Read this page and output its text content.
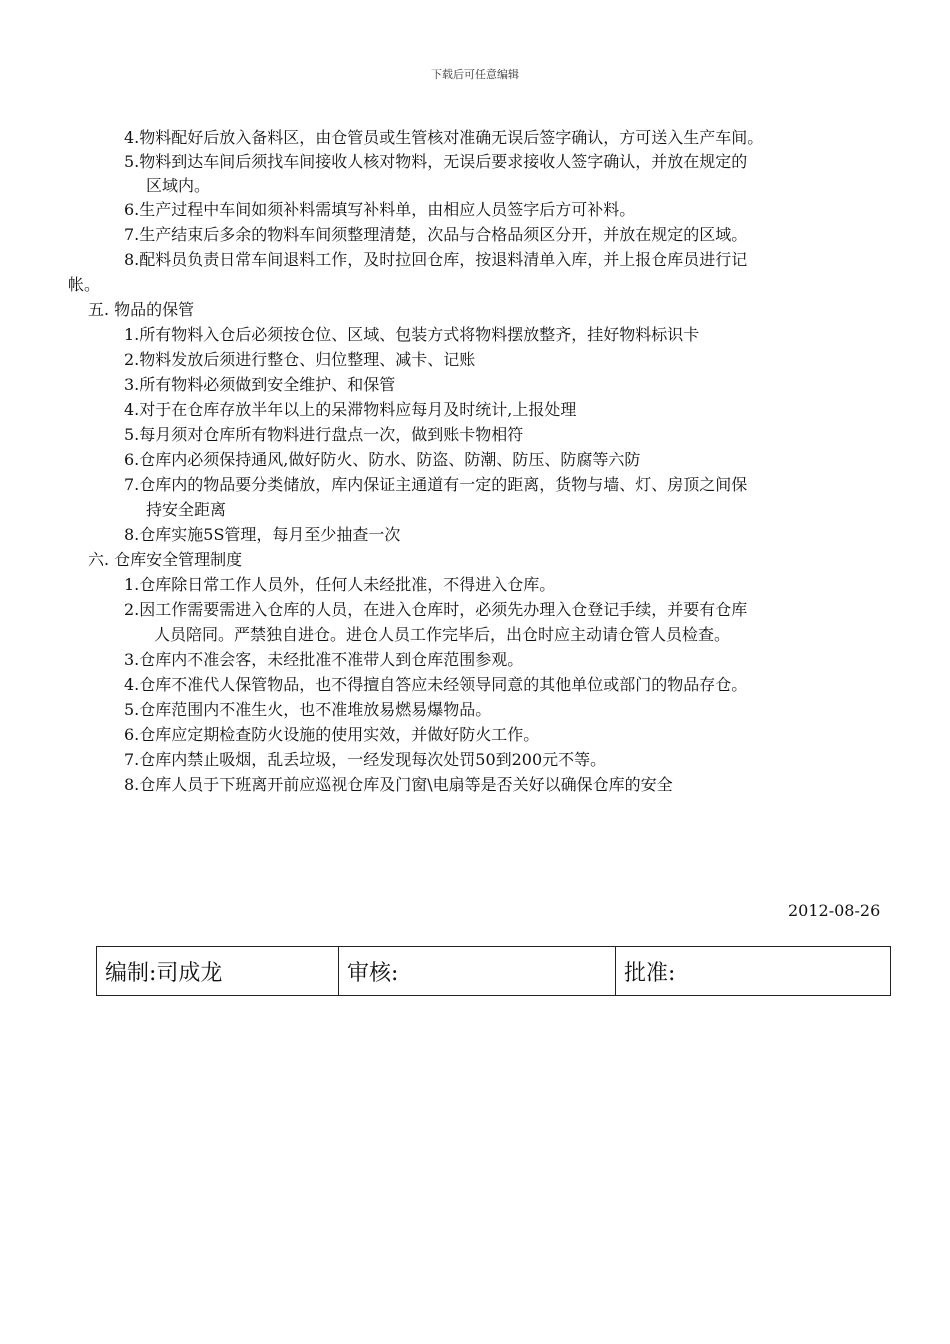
下载后可任意编辑
4.物料配好后放入备料区，由仓管员或生管核对准确无误后签字确认，方可送入生产车间。
5.物料到达车间后须找车间接收人核对物料，无误后要求接收人签字确认，并放在规定的
区域内。
6.生产过程中车间如须补料需填写补料单，由相应人员签字后方可补料。
7.生产结束后多余的物料车间须整理清楚，次品与合格品须区分开，并放在规定的区域。
8.配料员负责日常车间退料工作，及时拉回仓库，按退料清单入库，并上报仓库员进行记
帐。
五. 物品的保管
1.所有物料入仓后必须按仓位、区域、包装方式将物料摆放整齐，挂好物料标识卡
2.物料发放后须进行整仓、归位整理、减卡、记账
3.所有物料必须做到安全维护、和保管
4.对于在仓库存放半年以上的呆滞物料应每月及时统计,上报处理
5.每月须对仓库所有物料进行盘点一次，做到账卡物相符
6.仓库内必须保持通风,做好防火、防水、防盗、防潮、防压、防腐等六防
7.仓库内的物品要分类储放，库内保证主通道有一定的距离，货物与墙、灯、房顶之间保
持安全距离
8.仓库实施5S管理，每月至少抽查一次
六. 仓库安全管理制度
1.仓库除日常工作人员外，任何人未经批准，不得进入仓库。
2.因工作需要需进入仓库的人员，在进入仓库时，必须先办理入仓登记手续，并要有仓库
人员陪同。严禁独自进仓。进仓人员工作完毕后，出仓时应主动请仓管人员检查。
3.仓库内不准会客，未经批准不准带人到仓库范围参观。
4.仓库不准代人保管物品，也不得擅自答应未经领导同意的其他单位或部门的物品存仓。
5.仓库范围内不准生火，也不准堆放易燃易爆物品。
6.仓库应定期检查防火设施的使用实效，并做好防火工作。
7.仓库内禁止吸烟，乱丢垃圾，一经发现每次处罚50到200元不等。
8.仓库人员于下班离开前应巡视仓库及门窗\电扇等是否关好以确保仓库的安全
2012-08-26
编制:司成龙	审核:	批准:
